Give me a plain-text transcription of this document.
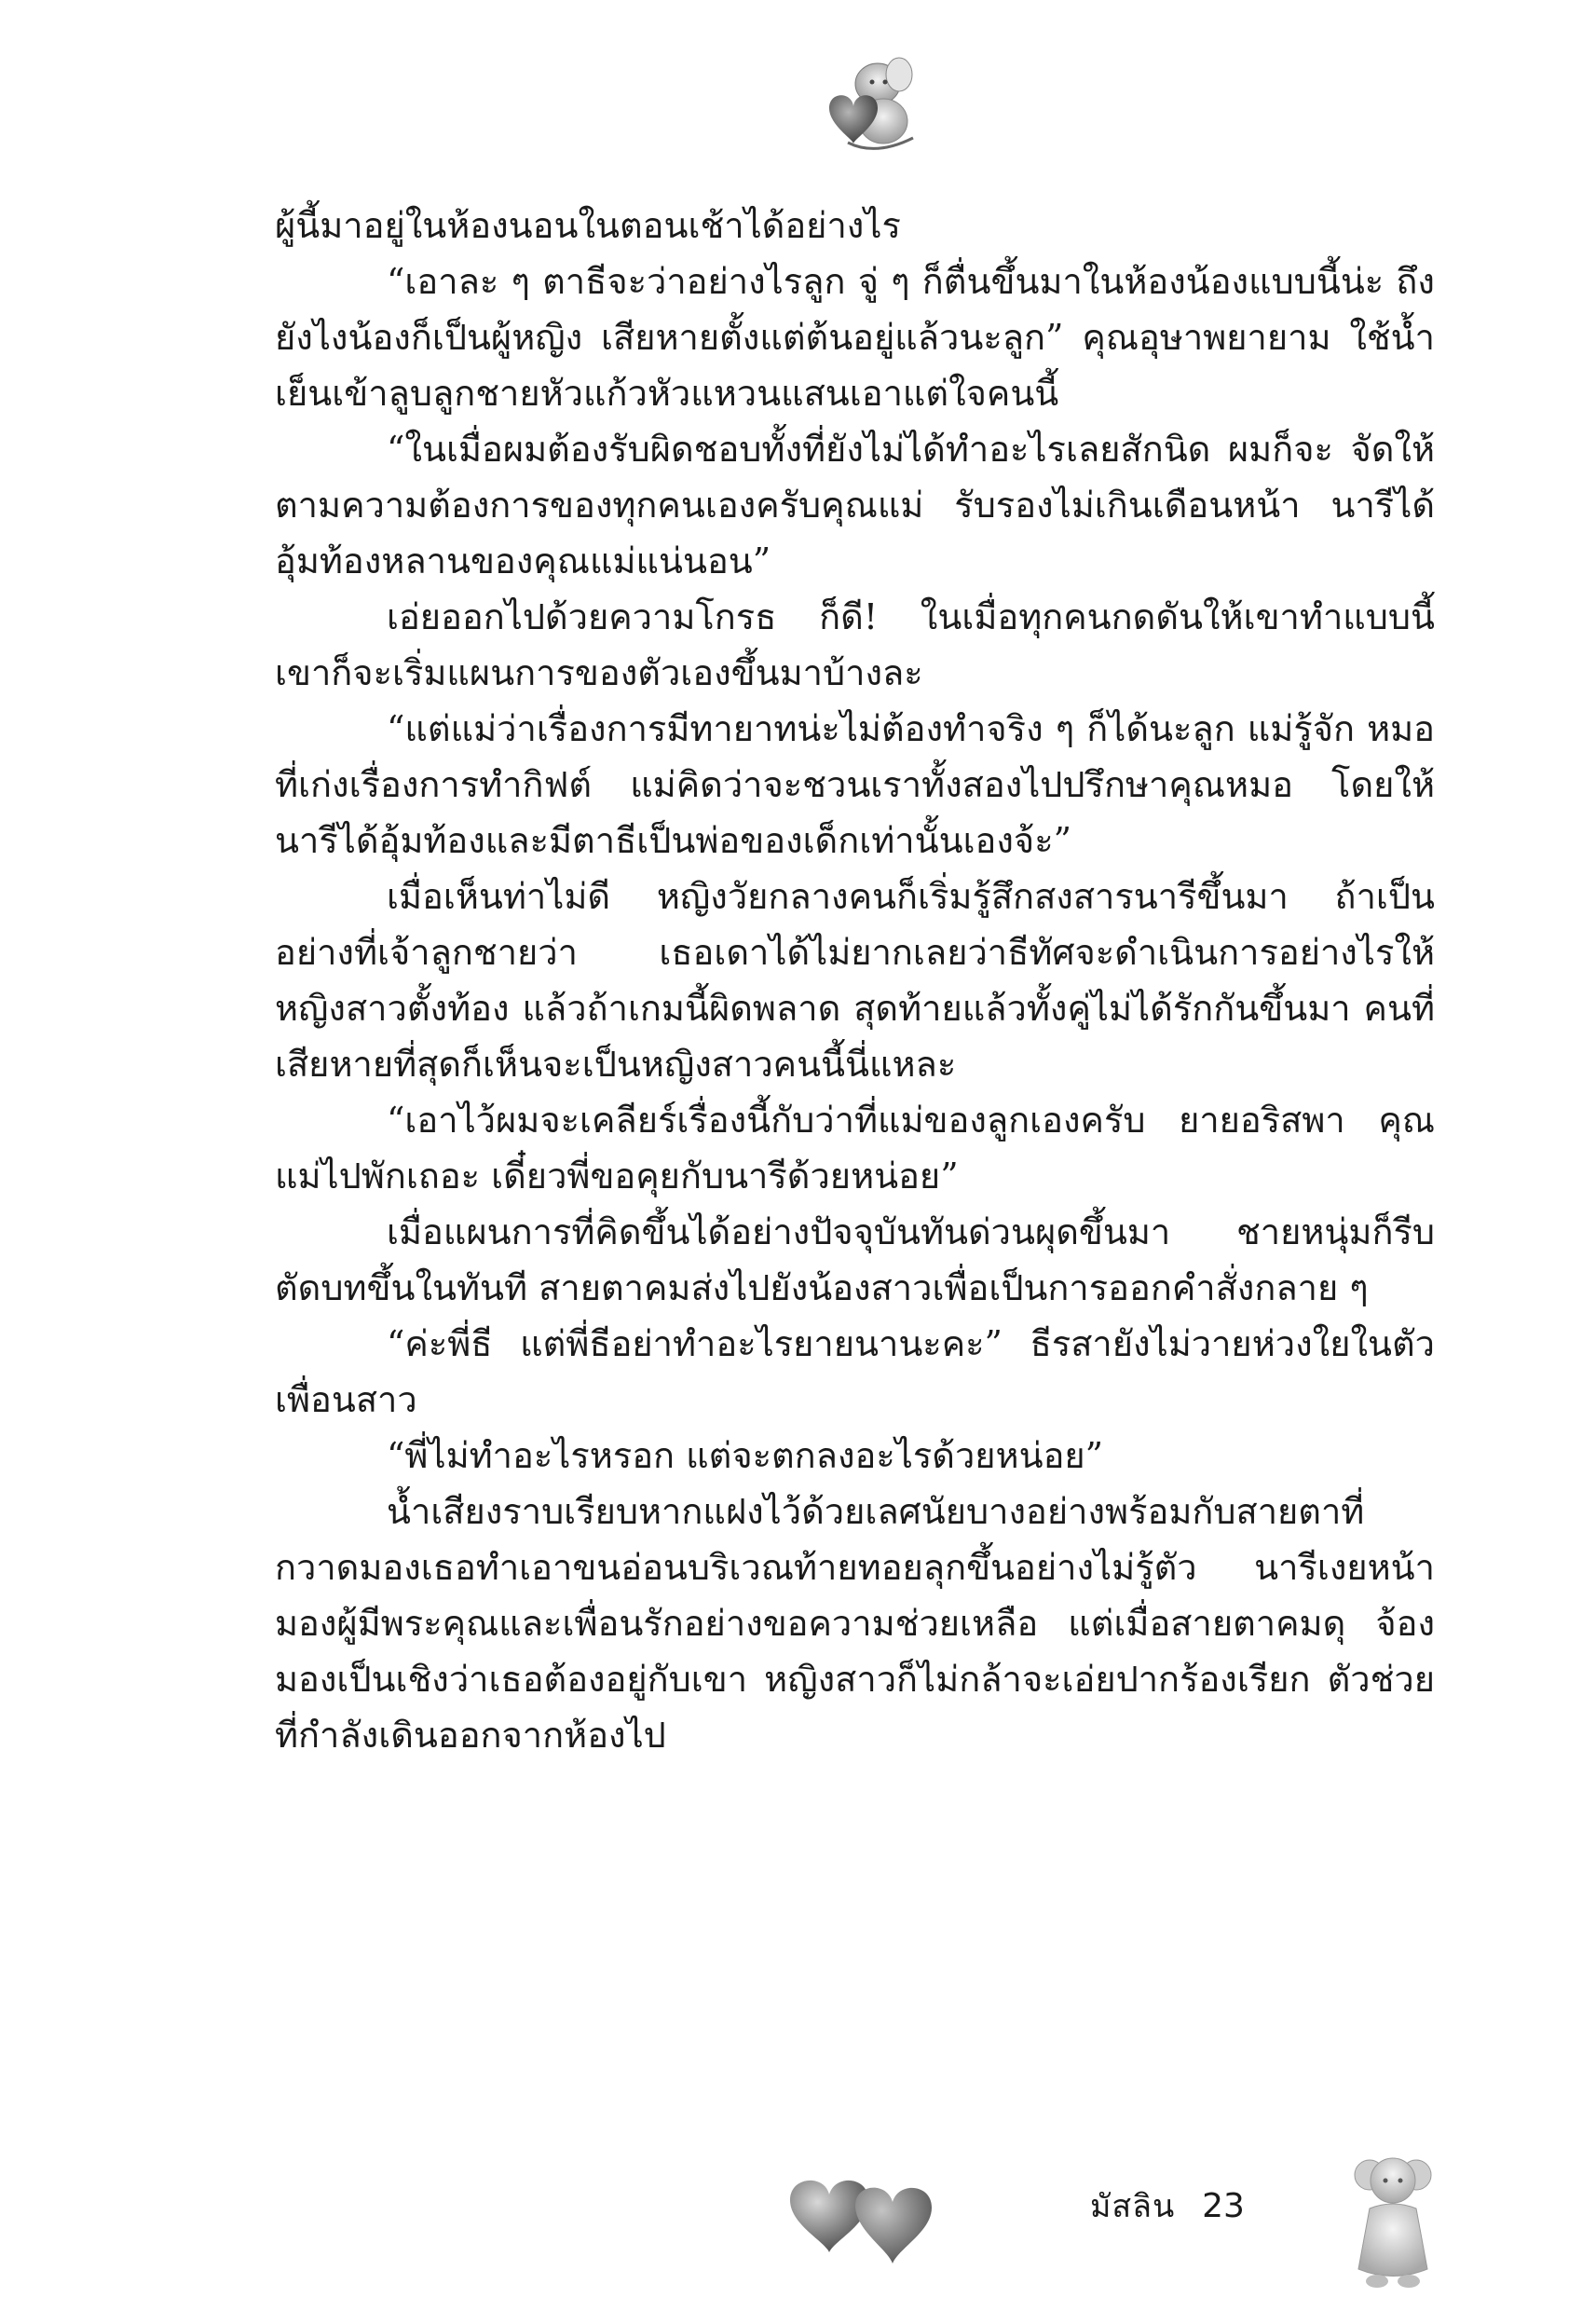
ผู้นี้มาอยู่ในห้องนอนในตอนเช้าได้อย่างไร

“เอาละ ๆ ตาธีจะว่าอย่างไรลูก จู่ ๆ ก็ตื่นขึ้นมาในห้องน้องแบบนี้น่ะ ถึงยังไงน้องก็เป็นผู้หญิง เสียหายตั้งแต่ต้นอยู่แล้วนะลูก” คุณอุษาพยายาม ใช้น้ำเย็นเข้าลูบลูกชายหัวแก้วหัวแหวนแสนเอาแต่ใจคนนี้

“ในเมื่อผมต้องรับผิดชอบทั้งที่ยังไม่ได้ทำอะไรเลยสักนิด ผมก็จะ จัดให้ตามความต้องการของทุกคนเองครับคุณแม่ รับรองไม่เกินเดือนหน้า นารีได้อุ้มท้องหลานของคุณแม่แน่นอน”

เอ่ยออกไปด้วยความโกรธ ก็ดี! ในเมื่อทุกคนกดดันให้เขาทำแบบนี้ เขาก็จะเริ่มแผนการของตัวเองขึ้นมาบ้างละ

“แต่แม่ว่าเรื่องการมีทายาทน่ะไม่ต้องทำจริง ๆ ก็ได้นะลูก แม่รู้จัก หมอที่เก่งเรื่องการทำกิฟต์ แม่คิดว่าจะชวนเราทั้งสองไปปรึกษาคุณหมอ โดยให้นารีได้อุ้มท้องและมีตาธีเป็นพ่อของเด็กเท่านั้นเองจ้ะ”

เมื่อเห็นท่าไม่ดี หญิงวัยกลางคนก็เริ่มรู้สึกสงสารนารีขึ้นมา ถ้าเป็น อย่างที่เจ้าลูกชายว่า เธอเดาได้ไม่ยากเลยว่าธีทัศจะดำเนินการอย่างไรให้ หญิงสาวตั้งท้อง แล้วถ้าเกมนี้ผิดพลาด สุดท้ายแล้วทั้งคู่ไม่ได้รักกันขึ้นมา คนที่เสียหายที่สุดก็เห็นจะเป็นหญิงสาวคนนี้นี่แหละ

“เอาไว้ผมจะเคลียร์เรื่องนี้กับว่าที่แม่ของลูกเองครับ ยายอริสพา คุณแม่ไปพักเถอะ เดี๋ยวพี่ขอคุยกับนารีด้วยหน่อย”

เมื่อแผนการที่คิดขึ้นได้อย่างปัจจุบันทันด่วนผุดขึ้นมา ชายหนุ่มก็รีบ ตัดบทขึ้นในทันที สายตาคมส่งไปยังน้องสาวเพื่อเป็นการออกคำสั่งกลาย ๆ

“ค่ะพี่ธี แต่พี่ธีอย่าทำอะไรยายนานะคะ” ธีรสายังไม่วายห่วงใยในตัว เพื่อนสาว

“พี่ไม่ทำอะไรหรอก แต่จะตกลงอะไรด้วยหน่อย”

น้ำเสียงราบเรียบหากแฝงไว้ด้วยเลศนัยบางอย่างพร้อมกับสายตาที่ กวาดมองเธอทำเอาขนอ่อนบริเวณท้ายทอยลุกขึ้นอย่างไม่รู้ตัว นารีเงยหน้า มองผู้มีพระคุณและเพื่อนรักอย่างขอความช่วยเหลือ แต่เมื่อสายตาคมดุ จ้องมองเป็นเชิงว่าเธอต้องอยู่กับเขา หญิงสาวก็ไม่กล้าจะเอ่ยปากร้องเรียก ตัวช่วยที่กำลังเดินออกจากห้องไป

มัสลิน 23
